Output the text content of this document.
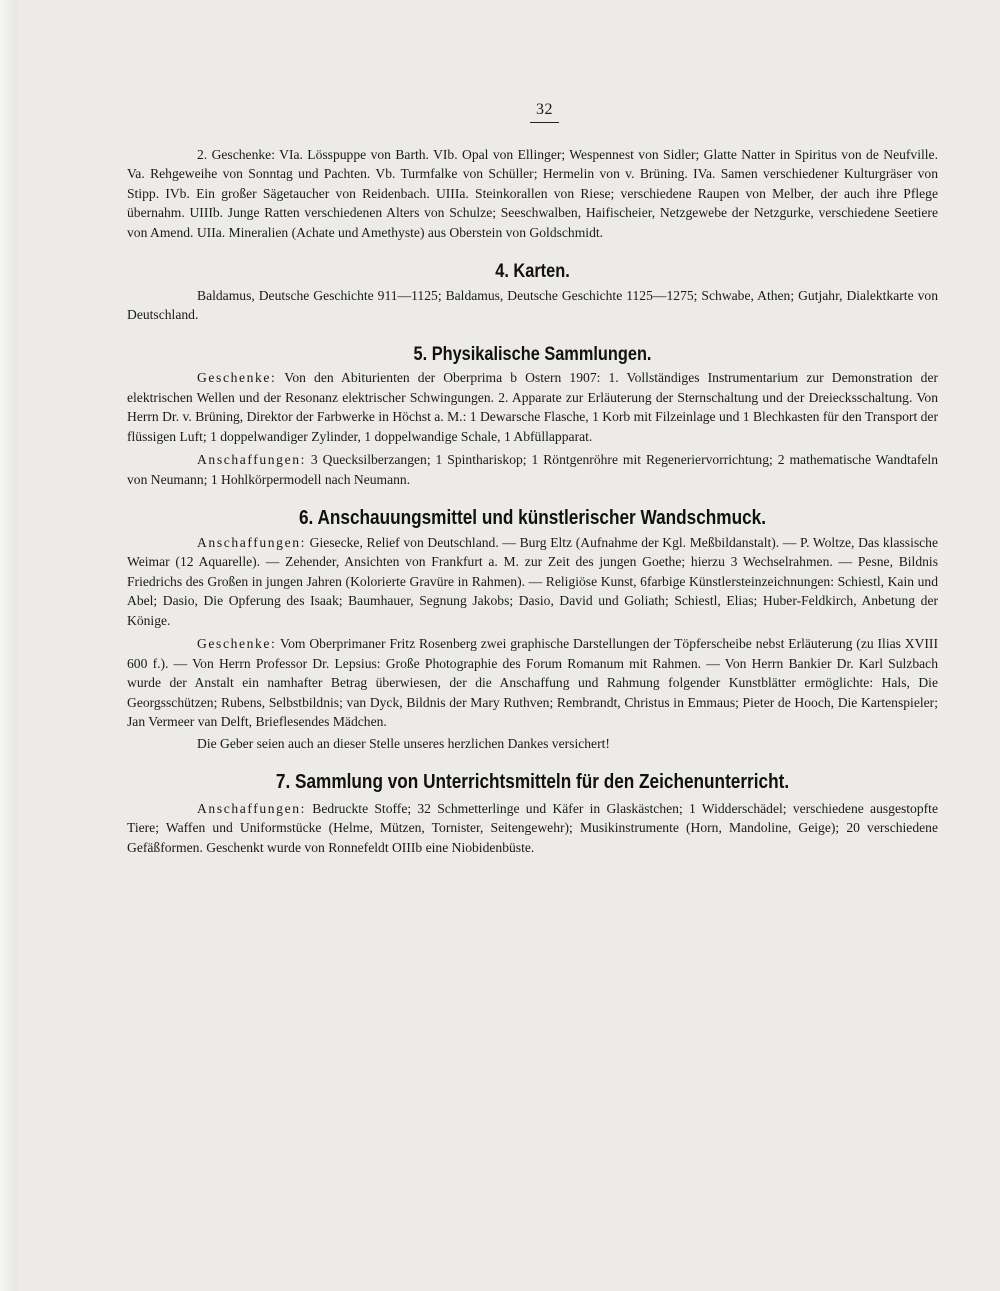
32

2. Geschenke: VIa. Lösspuppe von Barth. VIb. Opal von Ellinger; Wespennest von Sidler; Glatte Natter in Spiritus von de Neufville. Va. Rehgeweihe von Sonntag und Pachten. Vb. Turmfalke von Schüller; Hermelin von v. Brüning. IVa. Samen verschiedener Kulturgräser von Stipp. IVb. Ein großer Sägetaucher von Reidenbach. UIIIa. Steinkorallen von Riese; verschiedene Raupen von Melber, der auch ihre Pflege übernahm. UIIIb. Junge Ratten verschiedenen Alters von Schulze; Seeschwalben, Haifischeier, Netzgewebe der Netzgurke, verschiedene Seetiere von Amend. UIIa. Mineralien (Achate und Amethyste) aus Oberstein von Goldschmidt.

4. Karten.

Baldamus, Deutsche Geschichte 911—1125; Baldamus, Deutsche Geschichte 1125—1275; Schwabe, Athen; Gutjahr, Dialektkarte von Deutschland.

5. Physikalische Sammlungen.

Geschenke: Von den Abiturienten der Oberprima b Ostern 1907: 1. Vollständiges Instrumentarium zur Demonstration der elektrischen Wellen und der Resonanz elektrischer Schwingungen. 2. Apparate zur Erläuterung der Sternschaltung und der Dreiecksschaltung. Von Herrn Dr. v. Brüning, Direktor der Farbwerke in Höchst a. M.: 1 Dewarsche Flasche, 1 Korb mit Filzeinlage und 1 Blechkasten für den Transport der flüssigen Luft; 1 doppelwandiger Zylinder, 1 doppelwandige Schale, 1 Abfüllapparat.

Anschaffungen: 3 Quecksilberzangen; 1 Spinthariskop; 1 Röntgenröhre mit Regeneriervorrichtung; 2 mathematische Wandtafeln von Neumann; 1 Hohlkörpermodell nach Neumann.

6. Anschauungsmittel und künstlerischer Wandschmuck.

Anschaffungen: Giesecke, Relief von Deutschland. — Burg Eltz (Aufnahme der Kgl. Meßbildanstalt). — P. Woltze, Das klassische Weimar (12 Aquarelle). — Zehender, Ansichten von Frankfurt a. M. zur Zeit des jungen Goethe; hierzu 3 Wechselrahmen. — Pesne, Bildnis Friedrichs des Großen in jungen Jahren (Kolorierte Gravüre in Rahmen). — Religiöse Kunst, 6farbige Künstlersteinzeichnungen: Schiestl, Kain und Abel; Dasio, Die Opferung des Isaak; Baumhauer, Segnung Jakobs; Dasio, David und Goliath; Schiestl, Elias; Huber-Feldkirch, Anbetung der Könige.

Geschenke: Vom Oberprimaner Fritz Rosenberg zwei graphische Darstellungen der Töpferscheibe nebst Erläuterung (zu Ilias XVIII 600 f.). — Von Herrn Professor Dr. Lepsius: Große Photographie des Forum Romanum mit Rahmen. — Von Herrn Bankier Dr. Karl Sulzbach wurde der Anstalt ein namhafter Betrag überwiesen, der die Anschaffung und Rahmung folgender Kunstblätter ermöglichte: Hals, Die Georgsschützen; Rubens, Selbstbildnis; van Dyck, Bildnis der Mary Ruthven; Rembrandt, Christus in Emmaus; Pieter de Hooch, Die Kartenspieler; Jan Vermeer van Delft, Brieflesendes Mädchen.

Die Geber seien auch an dieser Stelle unseres herzlichen Dankes versichert!

7. Sammlung von Unterrichtsmitteln für den Zeichenunterricht.

Anschaffungen: Bedruckte Stoffe; 32 Schmetterlinge und Käfer in Glaskästchen; 1 Widderschädel; verschiedene ausgestopfte Tiere; Waffen und Uniformstücke (Helme, Mützen, Tornister, Seitengewehr); Musikinstrumente (Horn, Mandoline, Geige); 20 verschiedene Gefäßformen. Geschenkt wurde von Ronnefeldt OIIIb eine Niobidenbüste.
